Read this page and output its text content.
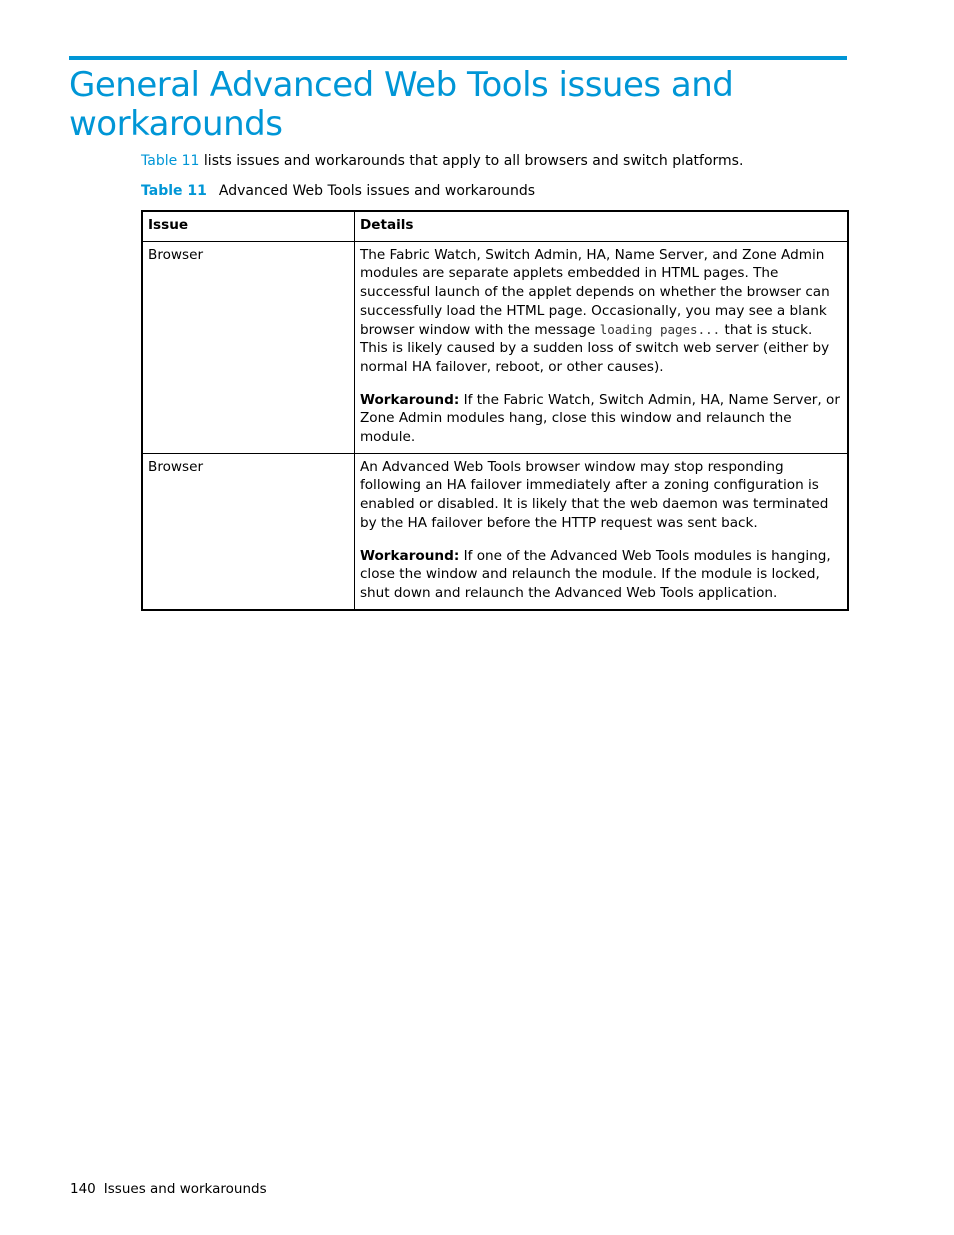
General Advanced Web Tools issues and workarounds

Table 11 lists issues and workarounds that apply to all browsers and switch platforms.

Table 11 Advanced Web Tools issues and workarounds

Issue	Details
Browser	The Fabric Watch, Switch Admin, HA, Name Server, and Zone Admin modules are separate applets embedded in HTML pages. The successful launch of the applet depends on whether the browser can successfully load the HTML page. Occasionally, you may see a blank browser window with the message loading pages... that is stuck. This is likely caused by a sudden loss of switch web server (either by normal HA failover, reboot, or other causes).

Workaround: If the Fabric Watch, Switch Admin, HA, Name Server, or Zone Admin modules hang, close this window and relaunch the module.

Browser	An Advanced Web Tools browser window may stop responding following an HA failover immediately after a zoning configuration is enabled or disabled. It is likely that the web daemon was terminated by the HA failover before the HTTP request was sent back.

Workaround: If one of the Advanced Web Tools modules is hanging, close the window and relaunch the module. If the module is locked, shut down and relaunch the Advanced Web Tools application.

140 Issues and workarounds
